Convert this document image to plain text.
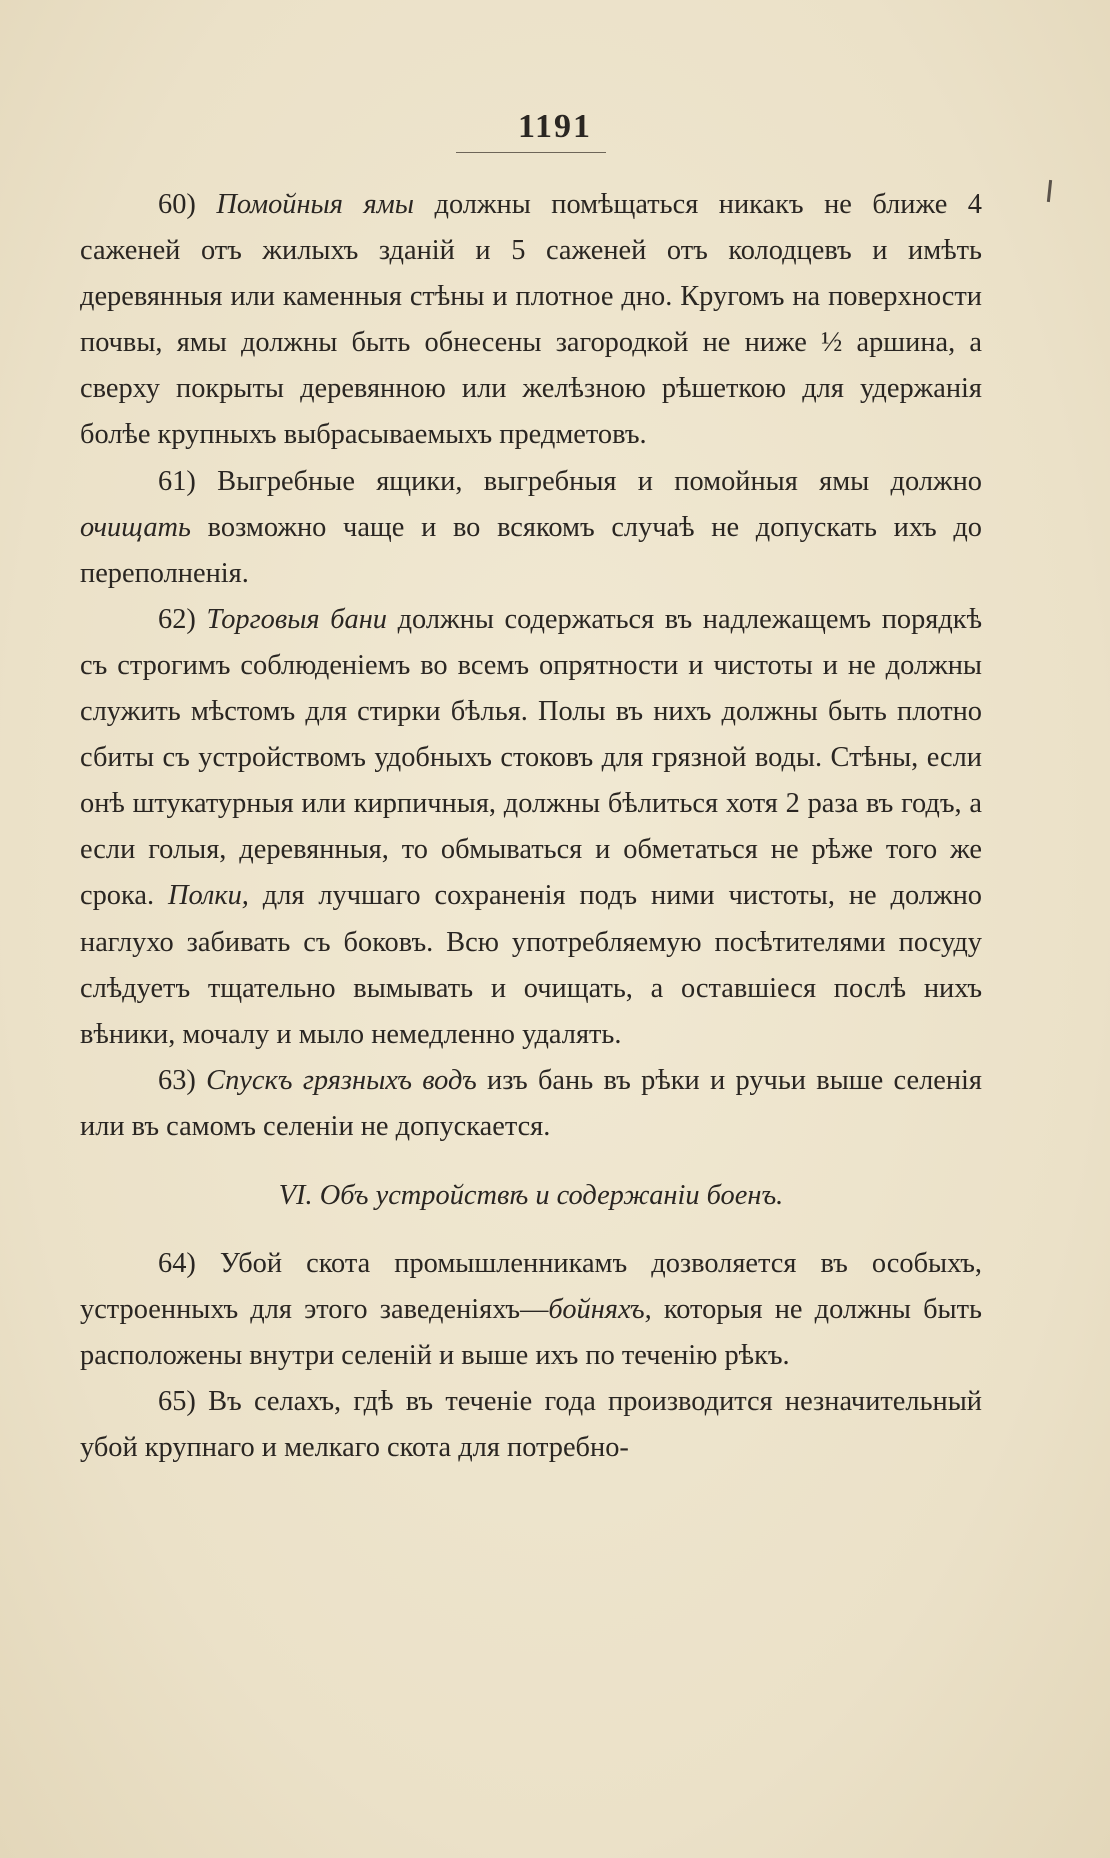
1191

60) Помойныя ямы должны помѣщаться никакъ не ближе 4 саженей отъ жилыхъ зданій и 5 саженей отъ колодцевъ и имѣть деревянныя или каменныя стѣны и плотное дно. Кругомъ на поверхности почвы, ямы должны быть обнесены загородкой не ниже ½ аршина, а сверху покрыты деревянною или желѣзною рѣшеткою для удержанія болѣе крупныхъ выбрасываемыхъ предметовъ.

61) Выгребные ящики, выгребныя и помойныя ямы должно очищать возможно чаще и во всякомъ случаѣ не допускать ихъ до переполненія.

62) Торговыя бани должны содержаться въ надлежащемъ порядкѣ съ строгимъ соблюденіемъ во всемъ опрятности и чистоты и не должны служить мѣстомъ для стирки бѣлья. Полы въ нихъ должны быть плотно сбиты съ устройствомъ удобныхъ стоковъ для грязной воды. Стѣны, если онѣ штукатурныя или кирпичныя, должны бѣлиться хотя 2 раза въ годъ, а если голыя, деревянныя, то обмываться и обметаться не рѣже того же срока. Полки, для лучшаго сохраненія подъ ними чистоты, не должно наглухо забивать съ боковъ. Всю употребляемую посѣтителями посуду слѣдуетъ тщательно вымывать и очищать, а оставшіеся послѣ нихъ вѣники, мочалу и мыло немедленно удалять.

63) Спускъ грязныхъ водъ изъ бань въ рѣки и ручьи выше селенія или въ самомъ селеніи не допускается.

VI. Объ устройствѣ и содержаніи боенъ.

64) Убой скота промышленникамъ дозволяется въ особыхъ, устроенныхъ для этого заведеніяхъ—бойняхъ, которыя не должны быть расположены внутри селеній и выше ихъ по теченію рѣкъ.

65) Въ селахъ, гдѣ въ теченіе года производится незначительный убой крупнаго и мелкаго скота для потребно-
